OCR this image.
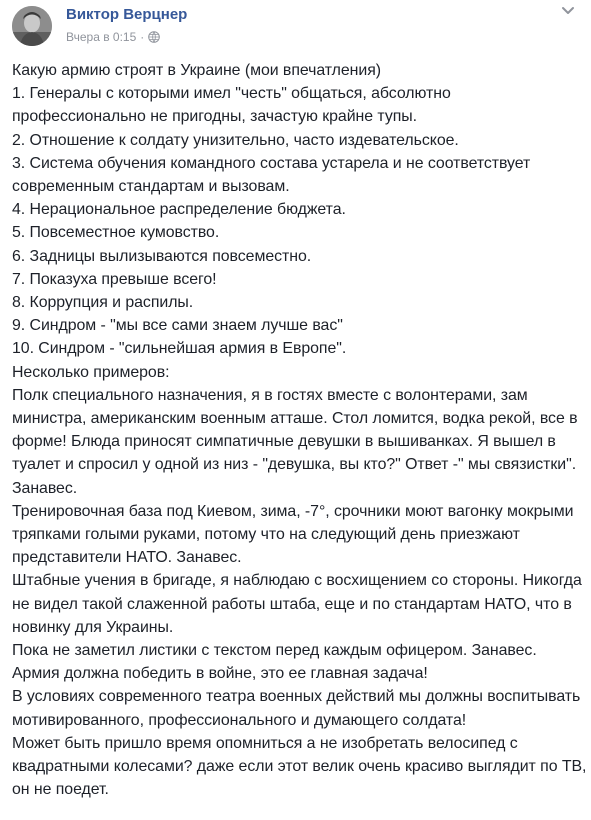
Виктор Верцнер
Вчера в 0:15 ·

Какую армию строят в Украине (мои впечатления)

1. Генералы с которыми имел "честь" общаться, абсолютно профессионально не пригодны, зачастую крайне тупы.

2. Отношение к солдату унизительно, часто издевательское.

3. Система обучения командного состава устарела и не соответствует современным стандартам и вызовам.

4. Нерациональное распределение бюджета.

5. Повсеместное кумовство.

6. Задницы вылизываются повсеместно.

7. Показуха превыше всего!

8. Коррупция и распилы.

9. Синдром - "мы все сами знаем лучше вас"

10. Синдром - "сильнейшая армия в Европе".

Несколько примеров:

Полк специального назначения, я в гостях вместе с волонтерами, зам министра, американским военным атташе. Стол ломится, водка рекой, все в форме! Блюда приносят симпатичные девушки в вышиванках. Я вышел в туалет и спросил у одной из низ - "девушка, вы кто?" Ответ -" мы связистки". Занавес.

Тренировочная база под Киевом, зима, -7°, срочники моют вагонку мокрыми тряпками голыми руками, потому что на следующий день приезжают представители НАТО. Занавес.

Штабные учения в бригаде, я наблюдаю с восхищением со стороны. Никогда не видел такой слаженной работы штаба, еще и по стандартам НАТО, что в новинку для Украины.

Пока не заметил листики с текстом перед каждым офицером. Занавес.

Армия должна победить в войне, это ее главная задача!

В условиях современного театра военных действий мы должны воспитывать мотивированного, профессионального и думающего солдата!

Может быть пришло время опомниться а не изобретать велосипед с квадратными колесами? даже если этот велик очень красиво выглядит по ТВ, он не поедет.
